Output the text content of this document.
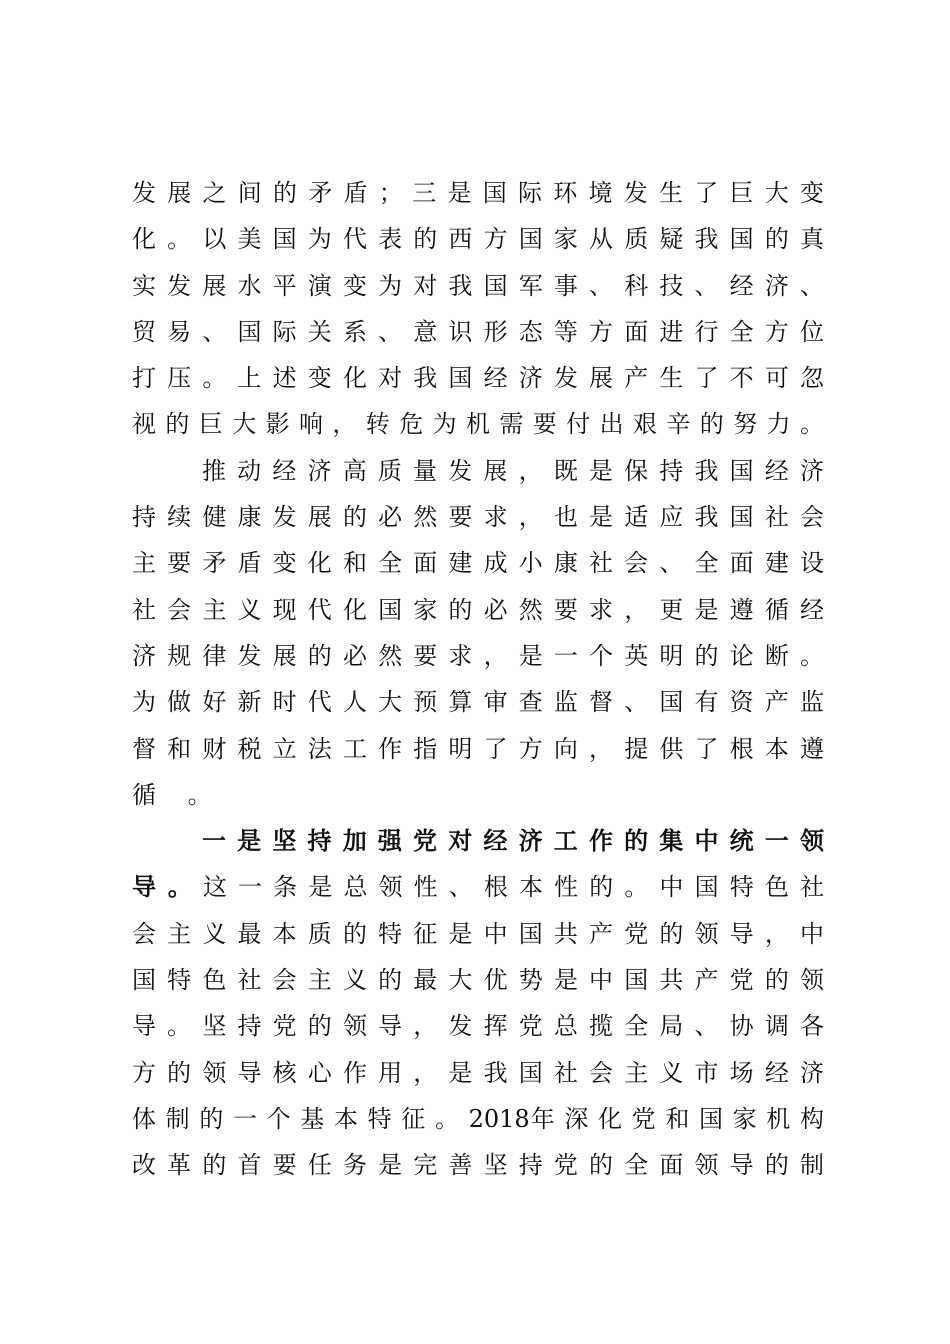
发 展 之 间 的 矛 盾 ； 三 是 国 际 环 境 发 生 了 巨 大 变
化 。 以 美 国 为 代 表 的 西 方 国 家 从 质 疑 我 国 的 真
实 发 展 水 平 演 变 为 对 我 国 军 事 、 科 技 、 经 济 、
贸 易 、 国 际 关 系 、 意 识 形 态 等 方 面 进 行 全 方 位
打 压 。 上 述 变 化 对 我 国 经 济 发 展 产 生 了 不 可 忽
视 的 巨 大 影 响 ， 转 危 为 机 需 要 付 出 艰 辛 的 努 力 。
推 动 经 济 高 质 量 发 展 ， 既 是 保 持 我 国 经 济
持 续 健 康 发 展 的 必 然 要 求 ， 也 是 适 应 我 国 社 会
主 要 矛 盾 变 化 和 全 面 建 成 小 康 社 会 、 全 面 建 设
社 会 主 义 现 代 化 国 家 的 必 然 要 求 ， 更 是 遵 循 经
济 规 律 发 展 的 必 然 要 求 ， 是 一 个 英 明 的 论 断 。
为 做 好 新 时 代 人 大 预 算 审 查 监 督 、 国 有 资 产 监
督 和 财 税 立 法 工 作 指 明 了 方 向 ， 提 供 了 根 本 遵
循 。
一 是 坚 持 加 强 党 对 经 济 工 作 的 集 中 统 一 领
导 。 这 一 条 是 总 领 性 、 根 本 性 的 。 中 国 特 色 社
会 主 义 最 本 质 的 特 征 是 中 国 共 产 党 的 领 导 ， 中
国 特 色 社 会 主 义 的 最 大 优 势 是 中 国 共 产 党 的 领
导 。 坚 持 党 的 领 导 ， 发 挥 党 总 揽 全 局 、 协 调 各
方 的 领 导 核 心 作 用 ， 是 我 国 社 会 主 义 市 场 经 济
体 制 的 一 个 基 本 特 征 。 2018年 深 化 党 和 国 家 机 构
改 革 的 首 要 任 务 是 完 善 坚 持 党 的 全 面 领 导 的 制
